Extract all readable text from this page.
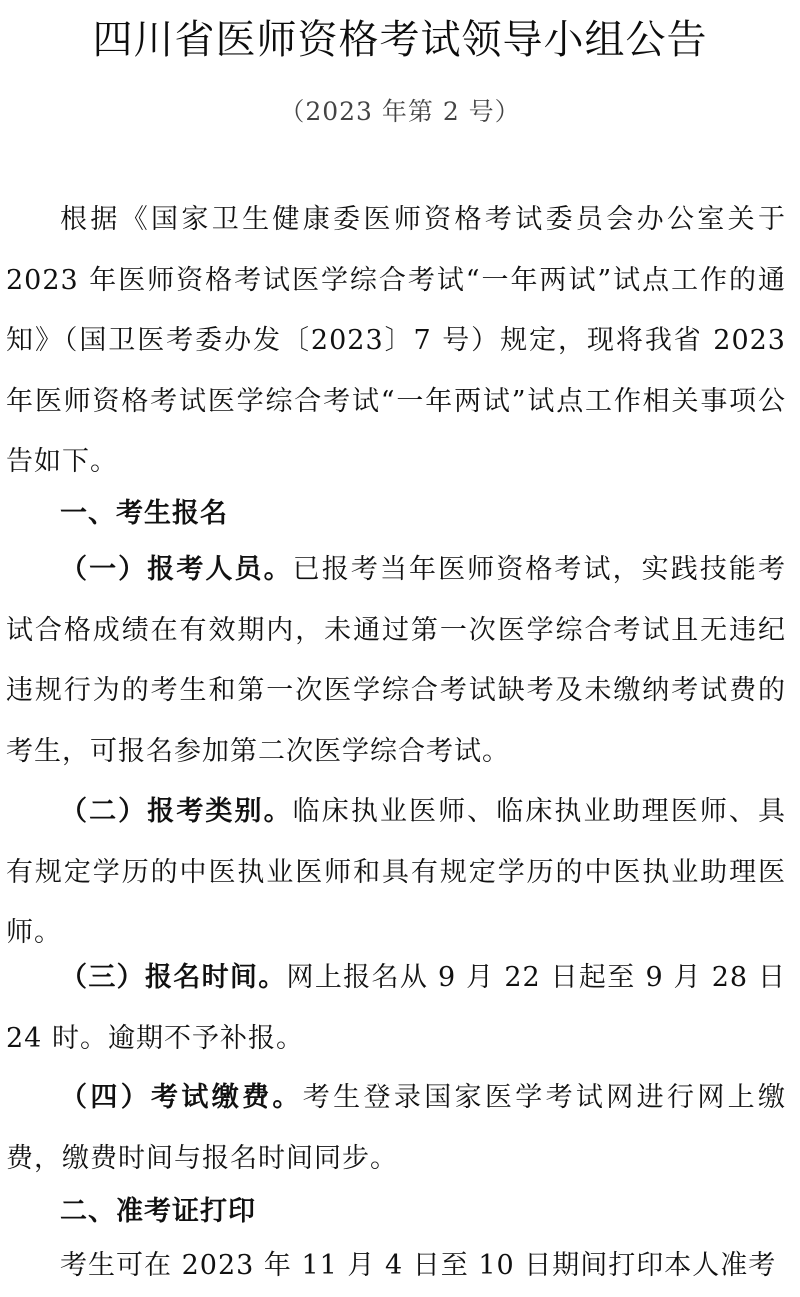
四川省医师资格考试领导小组公告
（2023 年第 2 号）

根据《国家卫生健康委医师资格考试委员会办公室关于2023 年医师资格考试医学综合考试“一年两试”试点工作的通知》（国卫医考委办发〔2023〕7 号）规定，现将我省 2023 年医师资格考试医学综合考试“一年两试”试点工作相关事项公告如下。

一、考生报名

（一）报考人员。已报考当年医师资格考试，实践技能考试合格成绩在有效期内，未通过第一次医学综合考试且无违纪违规行为的考生和第一次医学综合考试缺考及未缴纳考试费的考生，可报名参加第二次医学综合考试。

（二）报考类别。临床执业医师、临床执业助理医师、具有规定学历的中医执业医师和具有规定学历的中医执业助理医师。

（三）报名时间。网上报名从 9 月 22 日起至 9 月 28 日24 时。逾期不予补报。

（四）考试缴费。考生登录国家医学考试网进行网上缴费，缴费时间与报名时间同步。

二、准考证打印

考生可在 2023 年 11 月 4 日至 10 日期间打印本人准考
